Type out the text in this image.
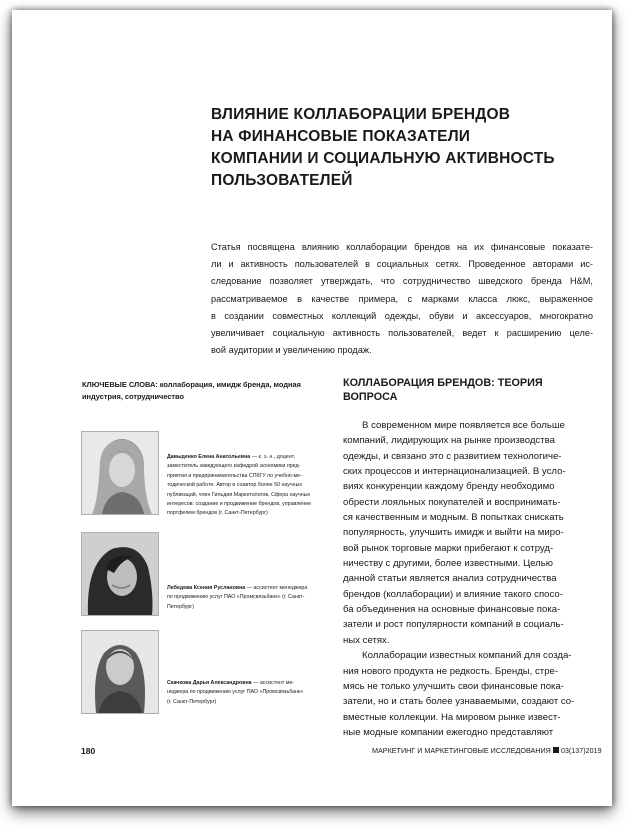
ВЛИЯНИЕ КОЛЛАБОРАЦИИ БРЕНДОВ
НА ФИНАНСОВЫЕ ПОКАЗАТЕЛИ
КОМПАНИИ И СОЦИАЛЬНУЮ АКТИВНОСТЬ
ПОЛЬЗОВАТЕЛЕЙ
Статья посвящена влиянию коллаборации брендов на их финансовые показате-
ли и активность пользователей в социальных сетях. Проведенное авторами ис-
следование позволяет утверждать, что сотрудничество шведского бренда H&M,
рассматриваемое в качестве примера, с марками класса люкс, выраженное
в создании совместных коллекций одежды, обуви и аксессуаров, многократно
увеличивает социальную активность пользователей, ведет к расширению целе-
вой аудитории и увеличению продаж.
КЛЮЧЕВЫЕ СЛОВА: коллаборация, имидж бренда, модная
индустрия, сотрудничество
КОЛЛАБОРАЦИЯ БРЕНДОВ: ТЕОРИЯ
ВОПРОСА
В современном мире появляется все больше
компаний, лидирующих на рынке производства
одежды, и связано это с развитием технологиче-
ских процессов и интернационализацией. В усло-
виях конкуренции каждому бренду необходимо
обрести лояльных покупателей и воспринимать-
ся качественным и модным. В попытках снискать
популярность, улучшить имидж и выйти на миро-
вой рынок торговые марки прибегают к сотруд-
ничеству с другими, более известными. Целью
данной статьи является анализ сотрудничества
брендов (коллаборации) и влияние такого спосо-
ба объединения на основные финансовые пока-
затели и рост популярности компаний в социаль-
ных сетях.
Коллаборации известных компаний для созда-
ния нового продукта не редкость. Бренды, стре-
мясь не только улучшить свои финансовые пока-
затели, но и стать более узнаваемыми, создают со-
вместные коллекции. На мировом рынке извест-
ные модные компании ежегодно представляют
Давыденко Елена Анатольевна — к. э. н., доцент,
заместитель заведующего кафедрой экономики пред-
приятия и предпринимательства СПбГУ по учебно-ме-
тодической работе. Автор и соавтор более 50 научных
публикаций, член Гильдии Маркетологов. Сфера научных
интересов: создание и продвижение брендов, управление
портфелем брендов (г. Санкт-Петербург)
Лебедева Ксения Руслановна — ассистент менеджера
по продвижению услуг ПАО «Промсвязьбанк» (г. Санкт-
Петербург)
Скачкова Дарья Александровна — ассистент ме-
неджера по продвижению услуг ПАО «Промсвязьбанк»
(г. Санкт-Петербург)
180	МАРКЕТИНГ И МАРКЕТИНГОВЫЕ ИССЛЕДОВАНИЯ 03(137)2019
